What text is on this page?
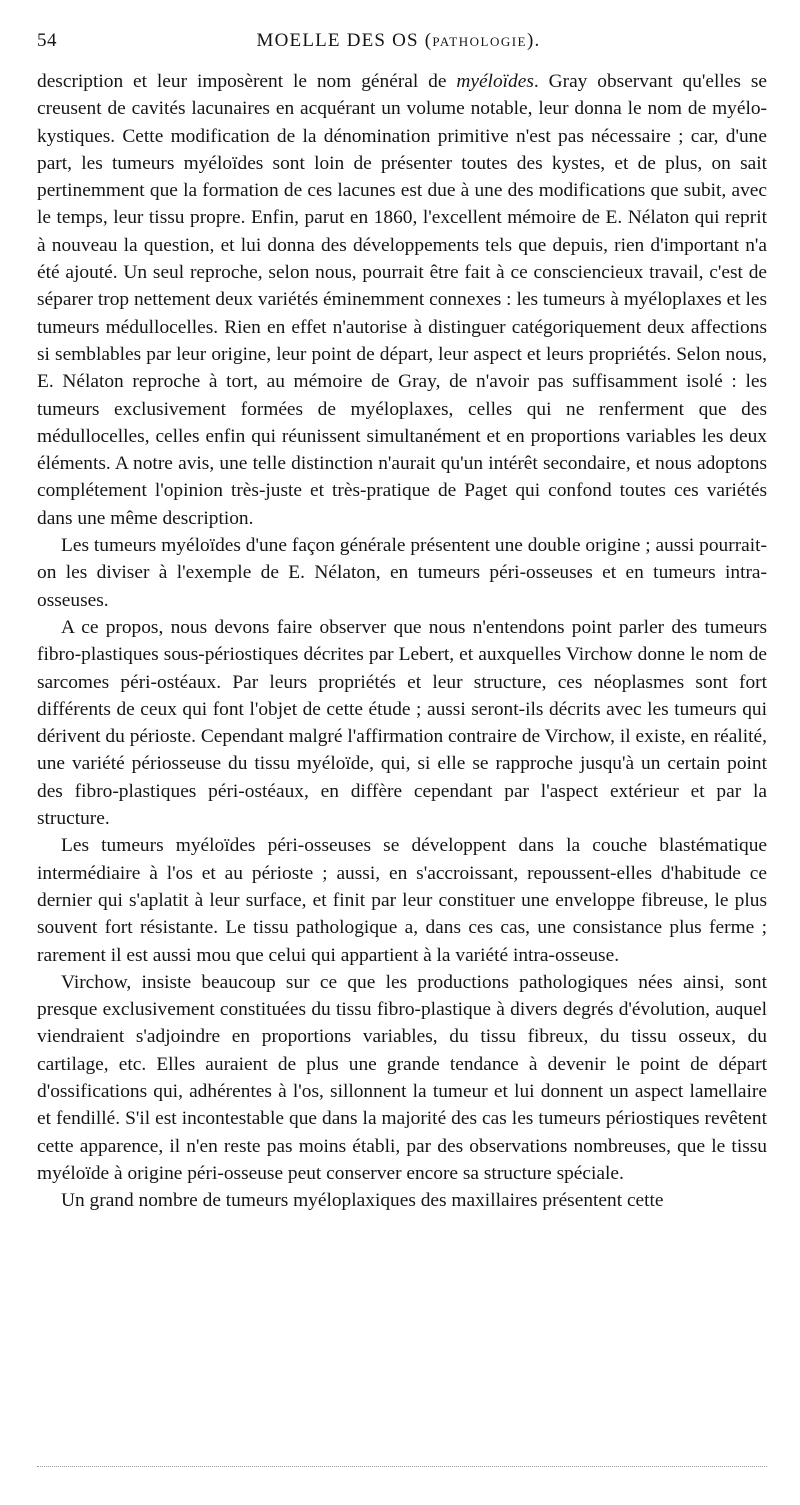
54	MOELLE DES OS (PATHOLOGIE).

description et leur imposèrent le nom général de myéloïdes. Gray observant qu'elles se creusent de cavités lacunaires en acquérant un volume notable, leur donna le nom de myélo-kystiques. Cette modification de la dénomination primitive n'est pas nécessaire ; car, d'une part, les tumeurs myéloïdes sont loin de présenter toutes des kystes, et de plus, on sait pertinemment que la formation de ces lacunes est due à une des modifications que subit, avec le temps, leur tissu propre. Enfin, parut en 1860, l'excellent mémoire de E. Nélaton qui reprit à nouveau la question, et lui donna des développements tels que depuis, rien d'important n'a été ajouté. Un seul reproche, selon nous, pourrait être fait à ce consciencieux travail, c'est de séparer trop nettement deux variétés éminemment connexes : les tumeurs à myéloplaxes et les tumeurs médullocelles. Rien en effet n'autorise à distinguer catégoriquement deux affections si semblables par leur origine, leur point de départ, leur aspect et leurs propriétés. Selon nous, E. Nélaton reproche à tort, au mémoire de Gray, de n'avoir pas suffisamment isolé : les tumeurs exclusivement formées de myéloplaxes, celles qui ne renferment que des médullocelles, celles enfin qui réunissent simultanément et en proportions variables les deux éléments. A notre avis, une telle distinction n'aurait qu'un intérêt secondaire, et nous adoptons complétement l'opinion très-juste et très-pratique de Paget qui confond toutes ces variétés dans une même description.

Les tumeurs myéloïdes d'une façon générale présentent une double origine ; aussi pourrait-on les diviser à l'exemple de E. Nélaton, en tumeurs péri-osseuses et en tumeurs intra-osseuses.

A ce propos, nous devons faire observer que nous n'entendons point parler des tumeurs fibro-plastiques sous-périostiques décrites par Lebert, et auxquelles Virchow donne le nom de sarcomes péri-ostéaux. Par leurs propriétés et leur structure, ces néoplasmes sont fort différents de ceux qui font l'objet de cette étude ; aussi seront-ils décrits avec les tumeurs qui dérivent du périoste. Cependant malgré l'affirmation contraire de Virchow, il existe, en réalité, une variété périosseuse du tissu myéloïde, qui, si elle se rapproche jusqu'à un certain point des fibro-plastiques péri-ostéaux, en diffère cependant par l'aspect extérieur et par la structure.

Les tumeurs myéloïdes péri-osseuses se développent dans la couche blastématique intermédiaire à l'os et au périoste ; aussi, en s'accroissant, repoussent-elles d'habitude ce dernier qui s'aplatit à leur surface, et finit par leur constituer une enveloppe fibreuse, le plus souvent fort résistante. Le tissu pathologique a, dans ces cas, une consistance plus ferme ; rarement il est aussi mou que celui qui appartient à la variété intra-osseuse.

Virchow, insiste beaucoup sur ce que les productions pathologiques nées ainsi, sont presque exclusivement constituées du tissu fibro-plastique à divers degrés d'évolution, auquel viendraient s'adjoindre en proportions variables, du tissu fibreux, du tissu osseux, du cartilage, etc. Elles auraient de plus une grande tendance à devenir le point de départ d'ossifications qui, adhérentes à l'os, sillonnent la tumeur et lui donnent un aspect lamellaire et fendillé. S'il est incontestable que dans la majorité des cas les tumeurs périostiques revêtent cette apparence, il n'en reste pas moins établi, par des observations nombreuses, que le tissu myéloïde à origine péri-osseuse peut conserver encore sa structure spéciale.

Un grand nombre de tumeurs myéloplaxiques des maxillaires présentent cette
